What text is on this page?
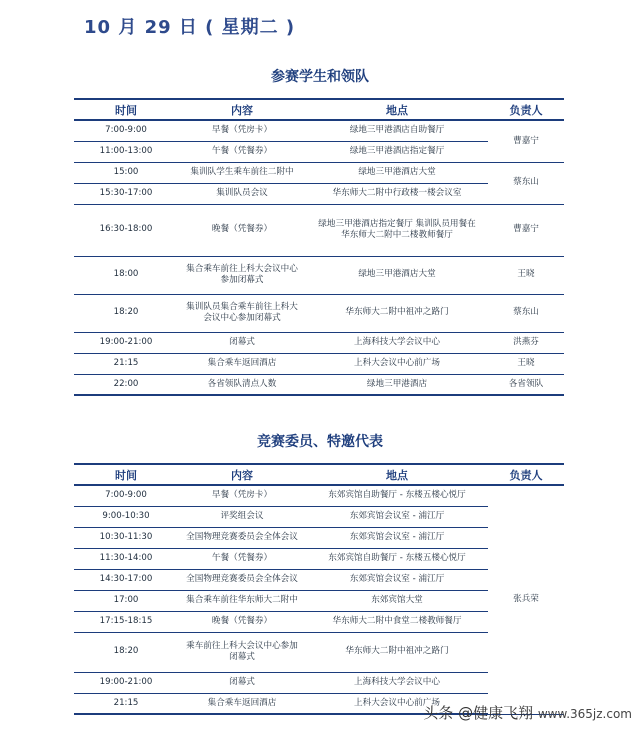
10 月 29 日 ( 星期二 )
参赛学生和领队
时间	内容	地点	负责人
7:00-9:00	早餐（凭房卡）	绿地三甲港酒店自助餐厅	曹嘉宁
11:00-13:00	午餐（凭餐券）	绿地三甲港酒店指定餐厅	
15:00	集训队学生乘车前往二附中	绿地三甲港酒店大堂	蔡东山
15:30-17:00	集训队员会议	华东师大二附中行政楼一楼会议室	
16:30-18:00	晚餐（凭餐券）	绿地三甲港酒店指定餐厅 集训队员用餐在华东师大二附中二楼教师餐厅	曹嘉宁
18:00	集合乘车前往上科大会议中心参加闭幕式	绿地三甲港酒店大堂	王晓
18:20	集训队员集合乘车前往上科大会议中心参加闭幕式	华东师大二附中祖冲之路门	蔡东山
19:00-21:00	闭幕式	上海科技大学会议中心	洪燕芬
21:15	集合乘车返回酒店	上科大会议中心前广场	王晓
22:00	各省领队清点人数	绿地三甲港酒店	各省领队
竞赛委员、特邀代表
时间	内容	地点	负责人
7:00-9:00	早餐（凭房卡）	东郊宾馆自助餐厅 - 东楼五楼心悦厅	张兵荣
9:00-10:30	评奖组会议	东郊宾馆会议室 - 浦江厅	
10:30-11:30	全国物理竞赛委员会全体会议	东郊宾馆会议室 - 浦江厅	
11:30-14:00	午餐（凭餐券）	东郊宾馆自助餐厅 - 东楼五楼心悦厅	
14:30-17:00	全国物理竞赛委员会全体会议	东郊宾馆会议室 - 浦江厅	
17:00	集合乘车前往华东师大二附中	东郊宾馆大堂	
17:15-18:15	晚餐（凭餐券）	华东师大二附中食堂二楼教师餐厅	
18:20	乘车前往上科大会议中心参加闭幕式	华东师大二附中祖冲之路门	
19:00-21:00	闭幕式	上海科技大学会议中心	
21:15	集合乘车返回酒店	上科大会议中心前广场	
头条 @健康飞翔 www.365jz.com
